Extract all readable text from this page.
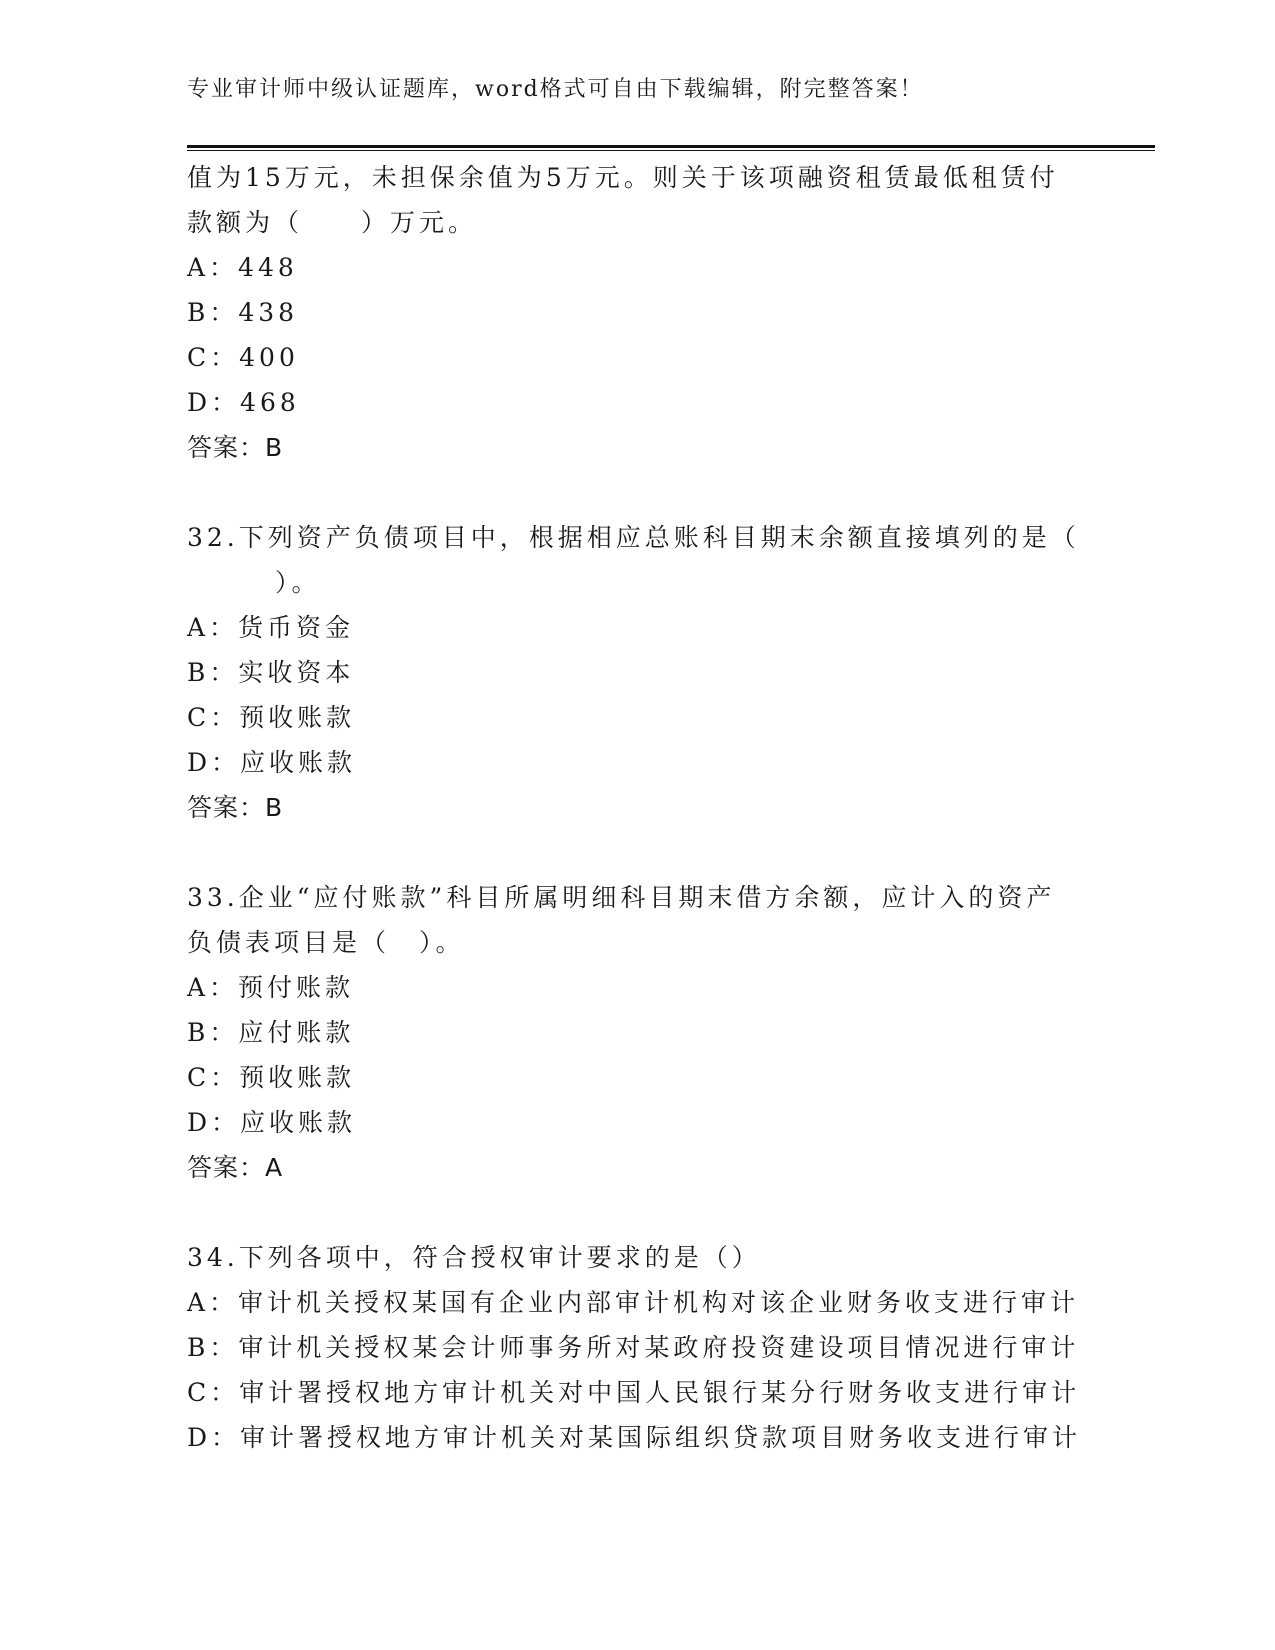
专业审计师中级认证题库，word格式可自由下载编辑，附完整答案！
值为15万元，未担保余值为5万元。则关于该项融资租赁最低租赁付
款额为（　　）万元。
A：448
B：438
C：400
D：468
答案：B
32.下列资产负债项目中，根据相应总账科目期末余额直接填列的是（
）。
A：货币资金
B：实收资本
C：预收账款
D：应收账款
答案：B
33.企业“应付账款”科目所属明细科目期末借方余额，应计入的资产
负债表项目是（　）。
A：预付账款
B：应付账款
C：预收账款
D：应收账款
答案：A
34.下列各项中，符合授权审计要求的是（）
A：审计机关授权某国有企业内部审计机构对该企业财务收支进行审计
B：审计机关授权某会计师事务所对某政府投资建设项目情况进行审计
C：审计署授权地方审计机关对中国人民银行某分行财务收支进行审计
D：审计署授权地方审计机关对某国际组织贷款项目财务收支进行审计
